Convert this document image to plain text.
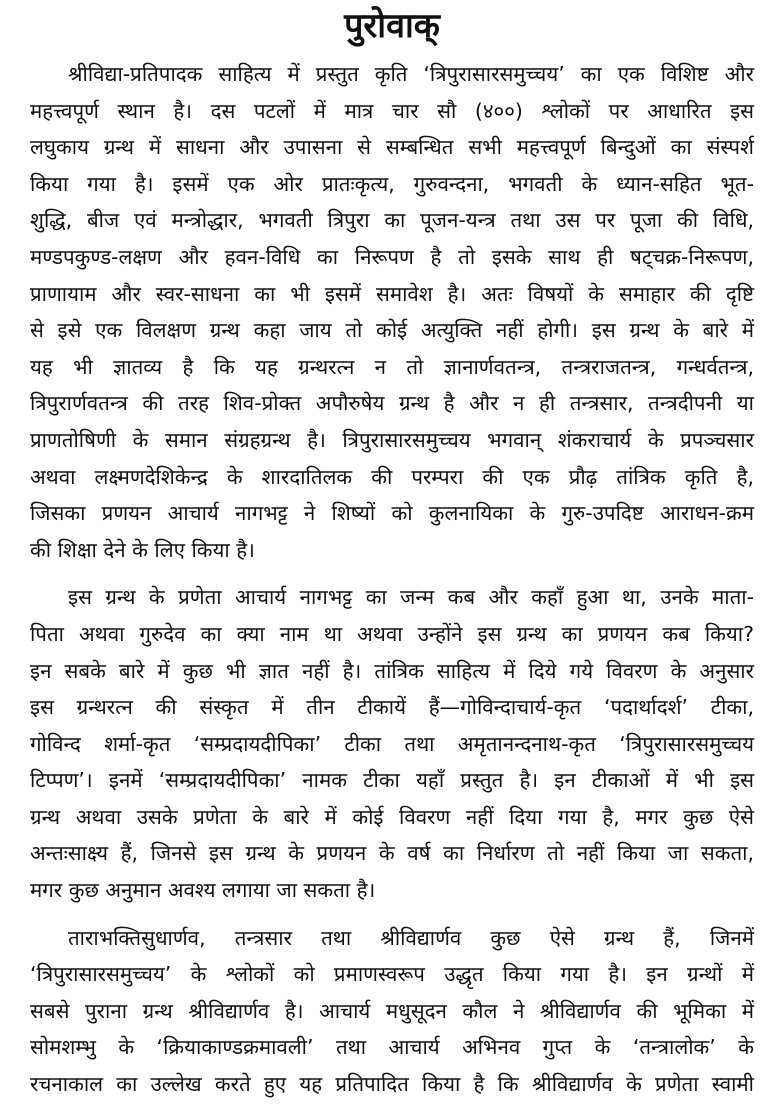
पुरोवाक्
श्रीविद्या-प्रतिपादक साहित्य में प्रस्तुत कृति ‘त्रिपुरासारसमुच्चय’ का एक विशिष्ट और
महत्त्वपूर्ण स्थान है। दस पटलों में मात्र चार सौ (४००) श्लोकों पर आधारित इस
लघुकाय ग्रन्थ में साधना और उपासना से सम्बन्धित सभी महत्त्वपूर्ण बिन्दुओं का संस्पर्श
किया गया है। इसमें एक ओर प्रातःकृत्य, गुरुवन्दना, भगवती के ध्यान-सहित भूत-
शुद्धि, बीज एवं मन्त्रोद्धार, भगवती त्रिपुरा का पूजन-यन्त्र तथा उस पर पूजा की विधि,
मण्डपकुण्ड-लक्षण और हवन-विधि का निरूपण है तो इसके साथ ही षट्चक्र-निरूपण,
प्राणायाम और स्वर-साधना का भी इसमें समावेश है। अतः विषयों के समाहार की दृष्टि
से इसे एक विलक्षण ग्रन्थ कहा जाय तो कोई अत्युक्ति नहीं होगी। इस ग्रन्थ के बारे में
यह भी ज्ञातव्य है कि यह ग्रन्थरत्न न तो ज्ञानार्णवतन्त्र, तन्त्रराजतन्त्र, गन्धर्वतन्त्र,
त्रिपुरार्णवतन्त्र की तरह शिव-प्रोक्त अपौरुषेय ग्रन्थ है और न ही तन्त्रसार, तन्त्रदीपनी या
प्राणतोषिणी के समान संग्रहग्रन्थ है। त्रिपुरासारसमुच्चय भगवान् शंकराचार्य के प्रपञ्चसार
अथवा लक्ष्मणदेशिकेन्द्र के शारदातिलक की परम्परा की एक प्रौढ़ तांत्रिक कृति है,
जिसका प्रणयन आचार्य नागभट्ट ने शिष्यों को कुलनायिका के गुरु-उपदिष्ट आराधन-क्रम
की शिक्षा देने के लिए किया है।
इस ग्रन्थ के प्रणेता आचार्य नागभट्ट का जन्म कब और कहाँ हुआ था, उनके माता-
पिता अथवा गुरुदेव का क्या नाम था अथवा उन्होंने इस ग्रन्थ का प्रणयन कब किया?
इन सबके बारे में कुछ भी ज्ञात नहीं है। तांत्रिक साहित्य में दिये गये विवरण के अनुसार
इस ग्रन्थरत्न की संस्कृत में तीन टीकायें हैं—गोविन्दाचार्य-कृत ‘पदार्थादर्श’ टीका,
गोविन्द शर्मा-कृत ‘सम्प्रदायदीपिका’ टीका तथा अमृतानन्दनाथ-कृत ‘त्रिपुरासारसमुच्चय
टिप्पण’। इनमें ‘सम्प्रदायदीपिका’ नामक टीका यहाँ प्रस्तुत है। इन टीकाओं में भी इस
ग्रन्थ अथवा उसके प्रणेता के बारे में कोई विवरण नहीं दिया गया है, मगर कुछ ऐसे
अन्तःसाक्ष्य हैं, जिनसे इस ग्रन्थ के प्रणयन के वर्ष का निर्धारण तो नहीं किया जा सकता,
मगर कुछ अनुमान अवश्य लगाया जा सकता है।
ताराभक्तिसुधार्णव, तन्त्रसार तथा श्रीविद्यार्णव कुछ ऐसे ग्रन्थ हैं, जिनमें
‘त्रिपुरासारसमुच्चय’ के श्लोकों को प्रमाणस्वरूप उद्धृत किया गया है। इन ग्रन्थों में
सबसे पुराना ग्रन्थ श्रीविद्यार्णव है। आचार्य मधुसूदन कौल ने श्रीविद्यार्णव की भूमिका में
सोमशम्भु के ‘क्रियाकाण्डक्रमावली’ तथा आचार्य अभिनव गुप्त के ‘तन्त्रालोक’ के
रचनाकाल का उल्लेख करते हुए यह प्रतिपादित किया है कि श्रीविद्यार्णव के प्रणेता स्वामी
